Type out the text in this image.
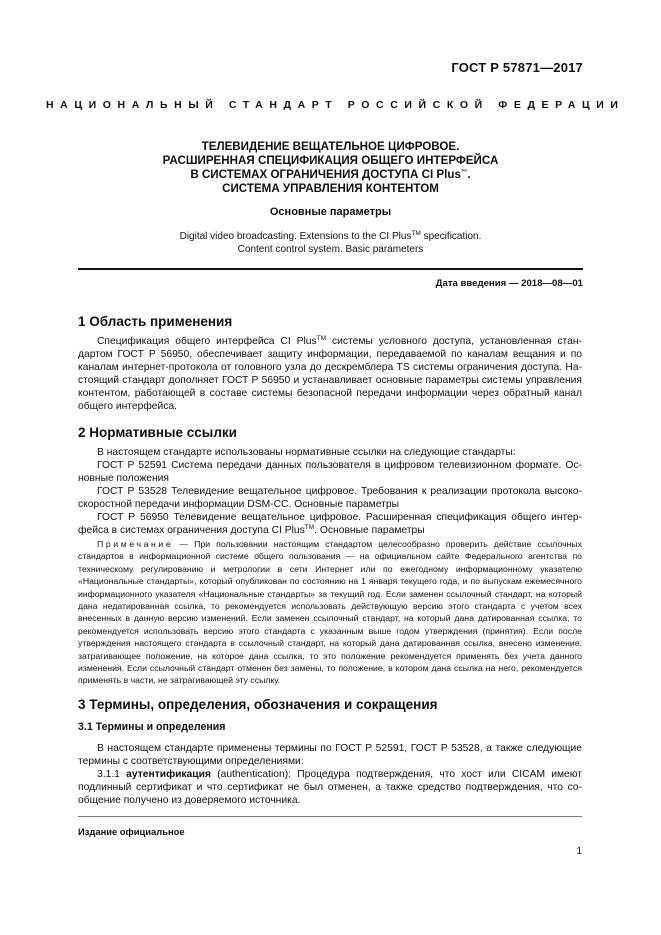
ГОСТ Р 57871—2017
НАЦИОНАЛЬНЫЙ СТАНДАРТ РОССИЙСКОЙ ФЕДЕРАЦИИ
ТЕЛЕВИДЕНИЕ ВЕЩАТЕЛЬНОЕ ЦИФРОВОЕ.
РАСШИРЕННАЯ СПЕЦИФИКАЦИЯ ОБЩЕГО ИНТЕРФЕЙСА
В СИСТЕМАХ ОГРАНИЧЕНИЯ ДОСТУПА CI Plus™.
СИСТЕМА УПРАВЛЕНИЯ КОНТЕНТОМ
Основные параметры
Digital video broadcasting. Extensions to the CI Plus™ specification.
Content control system. Basic parameters
Дата введения — 2018—08—01
1 Область применения

Спецификация общего интерфейса CI Plus™ системы условного доступа, установленная стандартом ГОСТ Р 56950, обеспечивает защиту информации, передаваемой по каналам вещания и по каналам интернет-протокола от головного узла до дескремблера TS системы ограничения доступа. Настоящий стандарт дополняет ГОСТ Р 56950 и устанавливает основные параметры системы управления контентом, работающей в составе системы безопасной передачи информации через обратный канал общего интерфейса.

2 Нормативные ссылки

В настоящем стандарте использованы нормативные ссылки на следующие стандарты:

ГОСТ Р 52591 Система передачи данных пользователя в цифровом телевизионном формате. Основные положения

ГОСТ Р 53528 Телевидение вещательное цифровое. Требования к реализации протокола высокоскоростной передачи информации DSM-CC. Основные параметры

ГОСТ Р 56950 Телевидение вещательное цифровое. Расширенная спецификация общего интерфейса в системах ограничения доступа CI Plus™. Основные параметры

Примечание — При пользовании настоящим стандартом целесообразно проверить действие ссылочных стандартов в информационной системе общего пользования — на официальном сайте Федерального агентства по техническому регулированию и метрологии в сети Интернет или по ежегодному информационному указателю «Национальные стандарты», который опубликован по состоянию на 1 января текущего года, и по выпускам ежемесячного информационного указателя «Национальные стандарты» за текущий год. Если заменен ссылочный стандарт, на который дана недатированная ссылка, то рекомендуется использовать действующую версию этого стандарта с учетом всех внесенных в данную версию изменений. Если заменен ссылочный стандарт, на который дана датированная ссылка, то рекомендуется использовать версию этого стандарта с указанным выше годом утверждения (принятия). Если после утверждения настоящего стандарта в ссылочный стандарт, на который дана датированная ссылка, внесено изменение, затрагивающее положение, на которое дана ссылка, то это положение рекомендуется применять без учета данного изменения. Если ссылочный стандарт отменен без замены, то положение, в котором дана ссылка на него, рекомендуется применять в части, не затрагивающей эту ссылку.

3 Термины, определения, обозначения и сокращения
3.1 Термины и определения

В настоящем стандарте применены термины по ГОСТ Р 52591, ГОСТ Р 53528, а также следующие термины с соответствующими определениями:

3.1.1 аутентификация (authentication): Процедура подтверждения, что хост или CICAM имеют подлинный сертификат и что сертификат не был отменен, а также средство подтверждения, что сообщение получено из доверяемого источника.

Издание официальное
1
